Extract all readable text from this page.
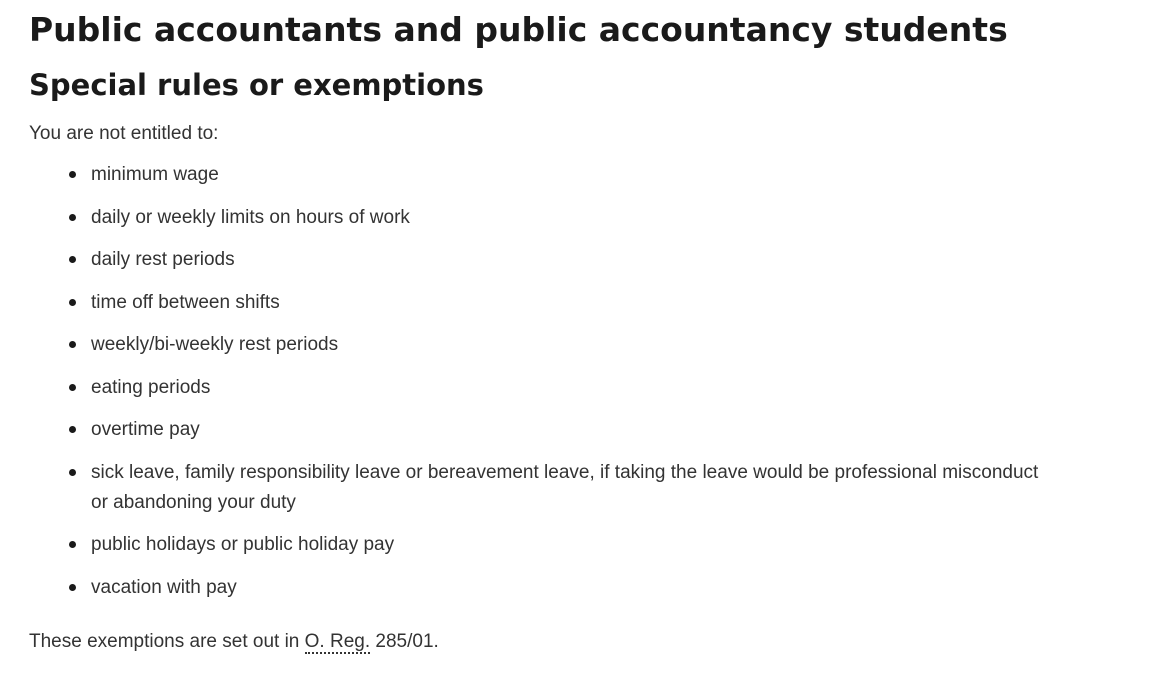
Public accountants and public accountancy students
Special rules or exemptions

You are not entitled to:

minimum wage
daily or weekly limits on hours of work
daily rest periods
time off between shifts
weekly/bi-weekly rest periods
eating periods
overtime pay
sick leave, family responsibility leave or bereavement leave, if taking the leave would be professional misconduct or abandoning your duty
public holidays or public holiday pay
vacation with pay

These exemptions are set out in O. Reg. 285/01.
